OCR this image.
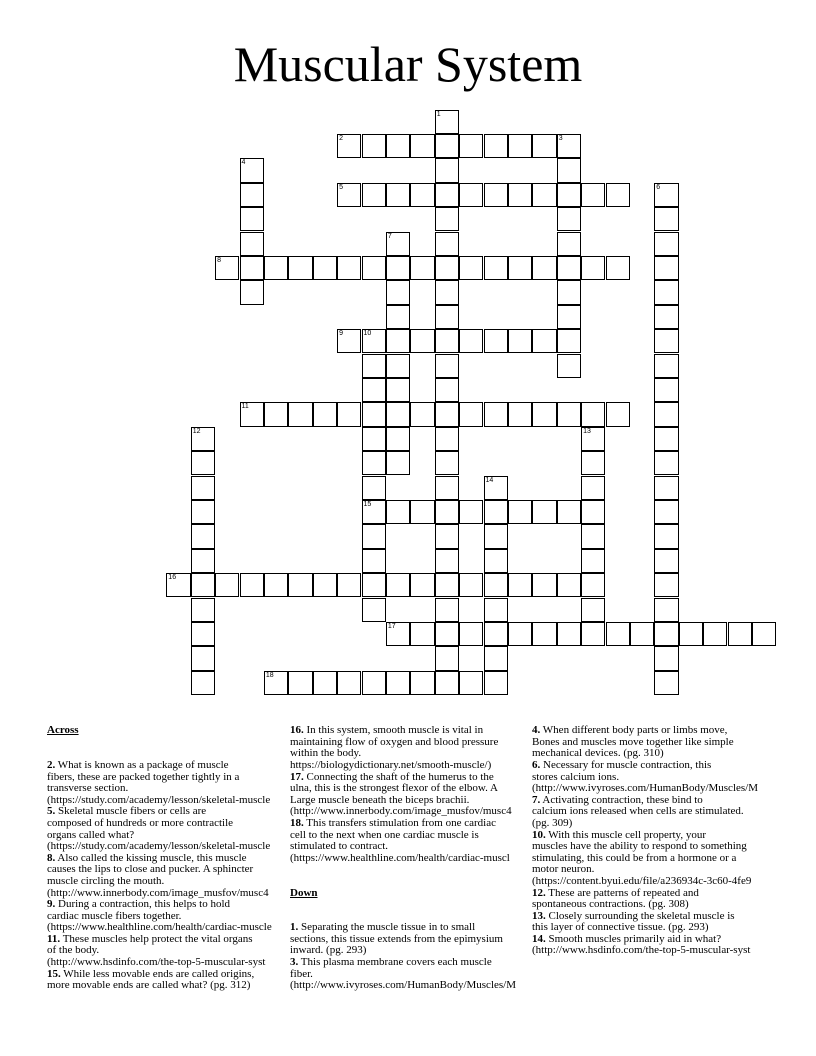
Muscular System
1
2	3
4
5	6
7
8
9	10
15
11
12	13
14
16
17
18

Across

2. What is known as a package of muscle
fibers, these are packed together tightly in a
transverse section.
(https://study.com/academy/lesson/skeletal-muscle
5. Skeletal muscle fibers or cells are
composed of hundreds or more contractile
organs called what?
(https://study.com/academy/lesson/skeletal-muscle
8. Also called the kissing muscle, this muscle
causes the lips to close and pucker. A sphincter
muscle circling the mouth.
(http://www.innerbody.com/image_musfov/musc4
9. During a contraction, this helps to hold
cardiac muscle fibers together.
(https://www.healthline.com/health/cardiac-muscle
11. These muscles help protect the vital organs
of the body.
(http://www.hsdinfo.com/the-top-5-muscular-syst
15. While less movable ends are called origins,
more movable ends are called what? (pg. 312)

16. In this system, smooth muscle is vital in
maintaining flow of oxygen and blood pressure
within the body.
https://biologydictionary.net/smooth-muscle/)
17. Connecting the shaft of the humerus to the
ulna, this is the strongest flexor of the elbow. A
Large muscle beneath the biceps brachii.
(http://www.innerbody.com/image_musfov/musc4
18. This transfers stimulation from one cardiac
cell to the next when one cardiac muscle is
stimulated to contract.
(https://www.healthline.com/health/cardiac-muscl

Down

1. Separating the muscle tissue in to small
sections, this tissue extends from the epimysium
inward. (pg. 293)
3. This plasma membrane covers each muscle
fiber.
(http://www.ivyroses.com/HumanBody/Muscles/M

4. When different body parts or limbs move,
Bones and muscles move together like simple
mechanical devices. (pg. 310)
6. Necessary for muscle contraction, this
stores calcium ions.
(http://www.ivyroses.com/HumanBody/Muscles/M
7. Activating contraction, these bind to
calcium ions released when cells are stimulated.
(pg. 309)
10. With this muscle cell property, your
muscles have the ability to respond to something
stimulating, this could be from a hormone or a
motor neuron.
(https://content.byui.edu/file/a236934c-3c60-4fe9
12. These are patterns of repeated and
spontaneous contractions. (pg. 308)
13. Closely surrounding the skeletal muscle is
this layer of connective tissue. (pg. 293)
14. Smooth muscles primarily aid in what?
(http://www.hsdinfo.com/the-top-5-muscular-syst
